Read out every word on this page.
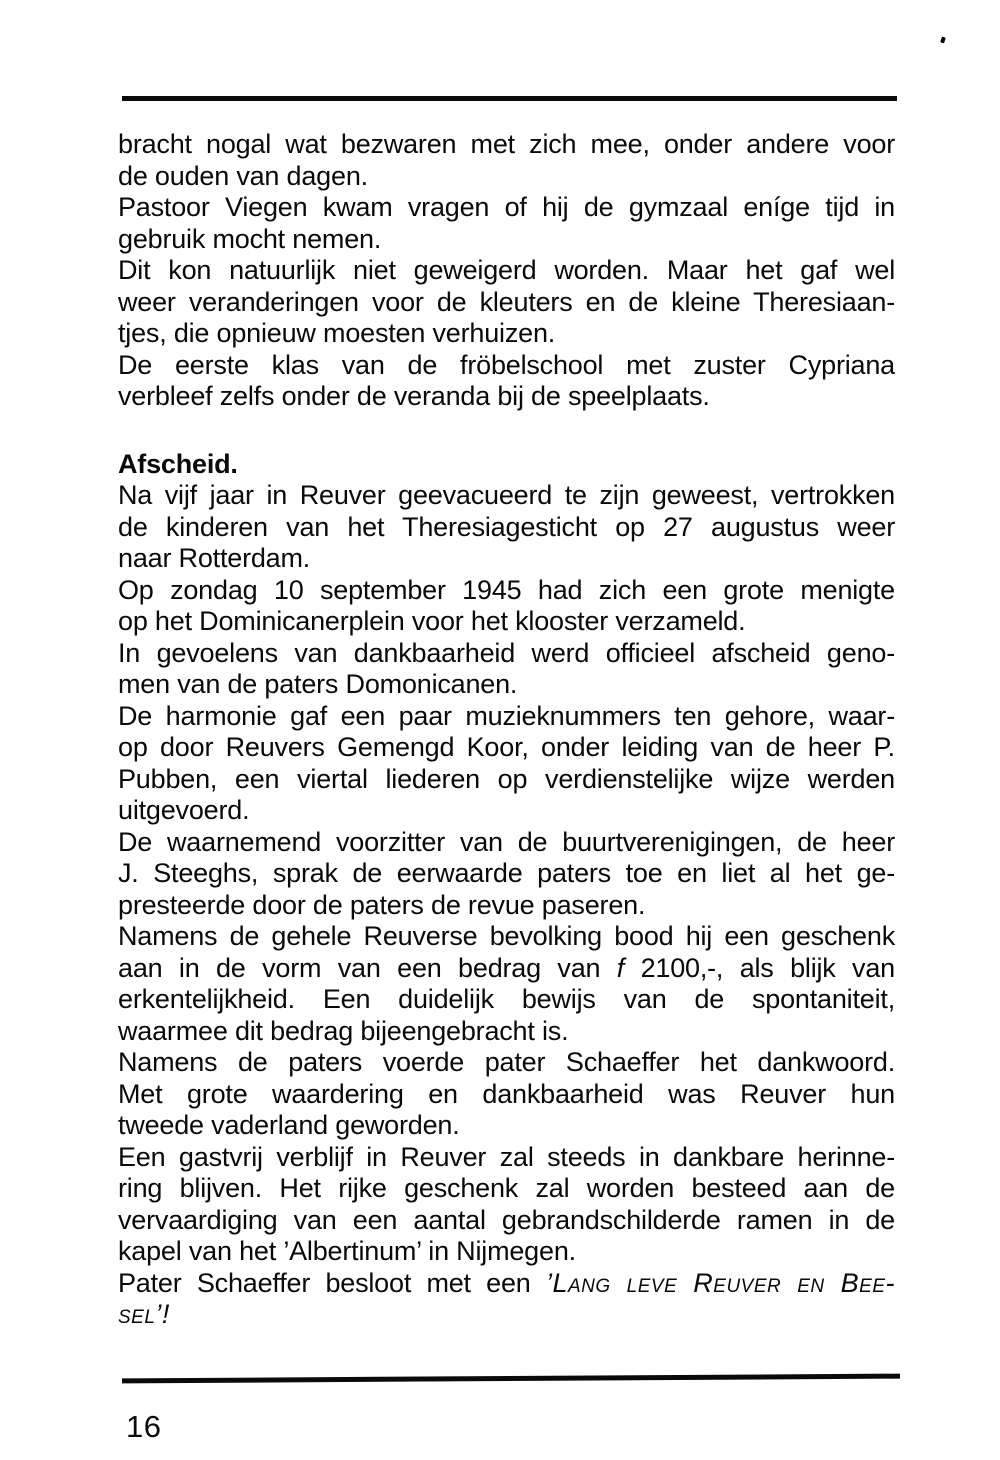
bracht nogal wat bezwaren met zich mee, onder andere voor
de ouden van dagen.
Pastoor Viegen kwam vragen of hij de gymzaal eníge tijd in
gebruik mocht nemen.
Dit kon natuurlijk niet geweigerd worden. Maar het gaf wel
weer veranderingen voor de kleuters en de kleine Theresiaan-
tjes, die opnieuw moesten verhuizen.
De eerste klas van de fröbelschool met zuster Cypriana
verbleef zelfs onder de veranda bij de speelplaats.
Afscheid.
Na vijf jaar in Reuver geevacueerd te zijn geweest, vertrokken
de kinderen van het Theresiagesticht op 27 augustus weer
naar Rotterdam.
Op zondag 10 september 1945 had zich een grote menigte
op het Dominicanerplein voor het klooster verzameld.
In gevoelens van dankbaarheid werd officieel afscheid geno-
men van de paters Domonicanen.
De harmonie gaf een paar muzieknummers ten gehore, waar-
op door Reuvers Gemengd Koor, onder leiding van de heer P.
Pubben, een viertal liederen op verdienstelijke wijze werden
uitgevoerd.
De waarnemend voorzitter van de buurtverenigingen, de heer
J. Steeghs, sprak de eerwaarde paters toe en liet al het ge-
presteerde door de paters de revue paseren.
Namens de gehele Reuverse bevolking bood hij een geschenk
aan in de vorm van een bedrag van f 2100,-, als blijk van
erkentelijkheid. Een duidelijk bewijs van de spontaniteit,
waarmee dit bedrag bijeengebracht is.
Namens de paters voerde pater Schaeffer het dankwoord.
Met grote waardering en dankbaarheid was Reuver hun
tweede vaderland geworden.
Een gastvrij verblijf in Reuver zal steeds in dankbare herinne-
ring blijven. Het rijke geschenk zal worden besteed aan de
vervaardiging van een aantal gebrandschilderde ramen in de
kapel van het ’Albertinum’ in Nijmegen.
Pater Schaeffer besloot met een ’Lang leve Reuver en Bee-
sel’!
16
